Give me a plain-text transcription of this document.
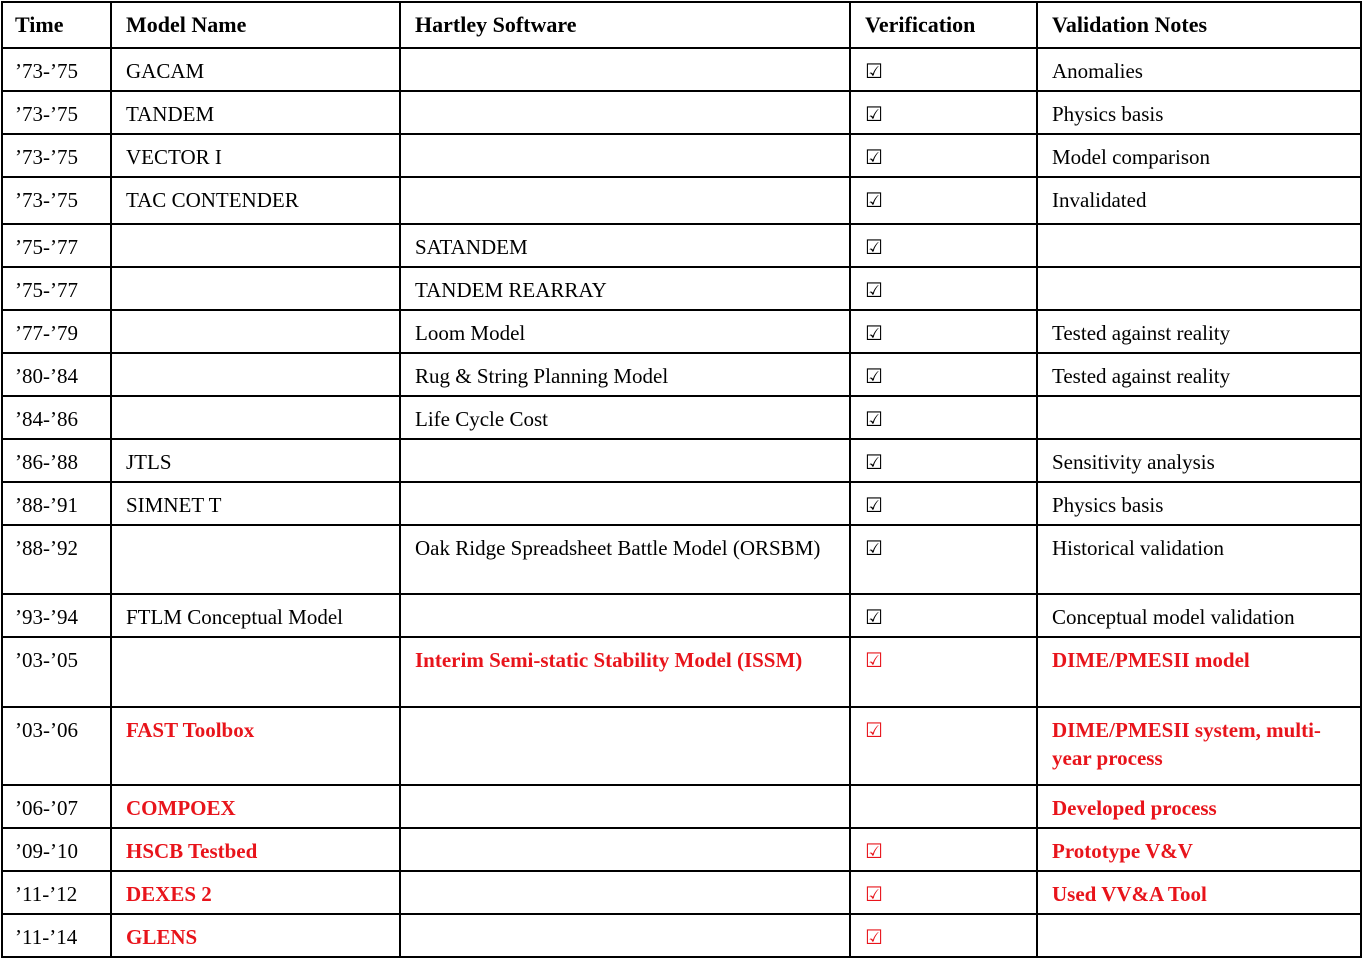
Time	Model Name	Hartley Software	Verification	Validation Notes
’73-’75	GACAM		☑	Anomalies
’73-’75	TANDEM		☑	Physics basis
’73-’75	VECTOR I		☑	Model comparison
’73-’75	TAC CONTENDER		☑	Invalidated
’75-’77		SATANDEM	☑	
’75-’77		TANDEM REARRAY	☑	
’77-’79		Loom Model	☑	Tested against reality
’80-’84		Rug & String Planning Model	☑	Tested against reality
’84-’86		Life Cycle Cost	☑	
’86-’88	JTLS		☑	Sensitivity analysis
’88-’91	SIMNET T		☑	Physics basis
’88-’92		Oak Ridge Spreadsheet Battle Model (ORSBM)	☑	Historical validation
’93-’94	FTLM Conceptual Model		☑	Conceptual model validation
’03-’05		Interim Semi-static Stability Model (ISSM)	☑	DIME/PMESII model
’03-’06	FAST Toolbox		☑	DIME/PMESII system, multi-year process
’06-’07	COMPOEX			Developed process
’09-’10	HSCB Testbed		☑	Prototype V&V
’11-’12	DEXES 2		☑	Used VV&A Tool
’11-’14	GLENS		☑	
